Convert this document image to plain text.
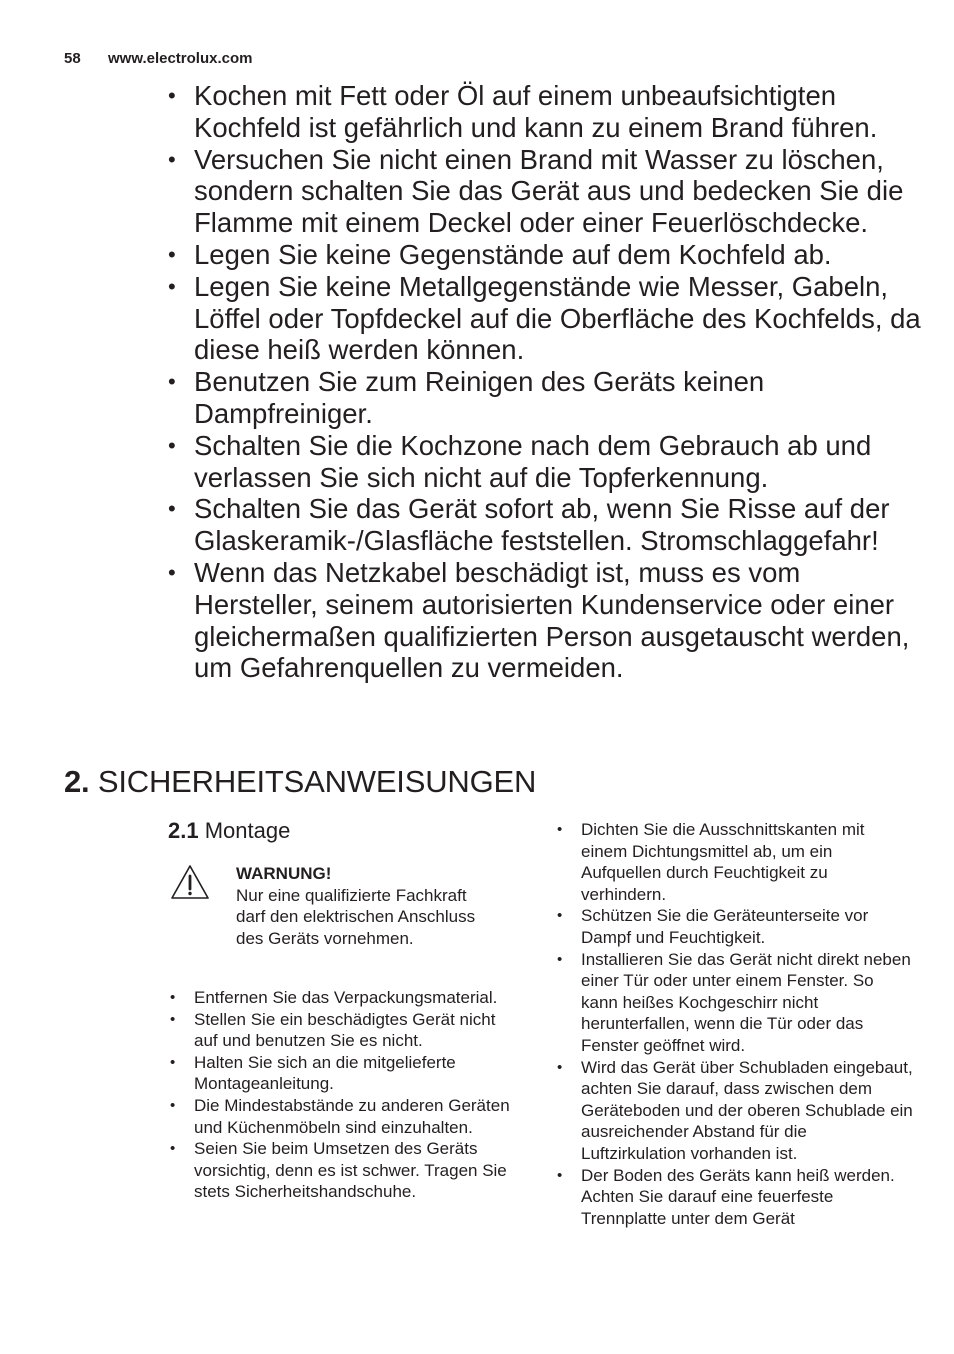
58 www.electrolux.com
• Kochen mit Fett oder Öl auf einem unbeaufsichtigten Kochfeld ist gefährlich und kann zu einem Brand führen.
• Versuchen Sie nicht einen Brand mit Wasser zu löschen, sondern schalten Sie das Gerät aus und bedecken Sie die Flamme mit einem Deckel oder einer Feuerlöschdecke.
• Legen Sie keine Gegenstände auf dem Kochfeld ab.
• Legen Sie keine Metallgegenstände wie Messer, Gabeln, Löffel oder Topfdeckel auf die Oberfläche des Kochfelds, da diese heiß werden können.
• Benutzen Sie zum Reinigen des Geräts keinen Dampfreiniger.
• Schalten Sie die Kochzone nach dem Gebrauch ab und verlassen Sie sich nicht auf die Topferkennung.
• Schalten Sie das Gerät sofort ab, wenn Sie Risse auf der Glaskeramik-/Glasfläche feststellen. Stromschlaggefahr!
• Wenn das Netzkabel beschädigt ist, muss es vom Hersteller, seinem autorisierten Kundenservice oder einer gleichermaßen qualifizierten Person ausgetauscht werden, um Gefahrenquellen zu vermeiden.
2. SICHERHEITSANWEISUNGEN
2.1 Montage
WARNUNG!
Nur eine qualifizierte Fachkraft darf den elektrischen Anschluss des Geräts vornehmen.
• Entfernen Sie das Verpackungsmaterial.
• Stellen Sie ein beschädigtes Gerät nicht auf und benutzen Sie es nicht.
• Halten Sie sich an die mitgelieferte Montageanleitung.
• Die Mindestabstände zu anderen Geräten und Küchenmöbeln sind einzuhalten.
• Seien Sie beim Umsetzen des Geräts vorsichtig, denn es ist schwer. Tragen Sie stets Sicherheitshandschuhe.
• Dichten Sie die Ausschnittskanten mit einem Dichtungsmittel ab, um ein Aufquellen durch Feuchtigkeit zu verhindern.
• Schützen Sie die Geräteunterseite vor Dampf und Feuchtigkeit.
• Installieren Sie das Gerät nicht direkt neben einer Tür oder unter einem Fenster. So kann heißes Kochgeschirr nicht herunterfallen, wenn die Tür oder das Fenster geöffnet wird.
• Wird das Gerät über Schubladen eingebaut, achten Sie darauf, dass zwischen dem Geräteboden und der oberen Schublade ein ausreichender Abstand für die Luftzirkulation vorhanden ist.
• Der Boden des Geräts kann heiß werden. Achten Sie darauf eine feuerfeste Trennplatte unter dem Gerät
